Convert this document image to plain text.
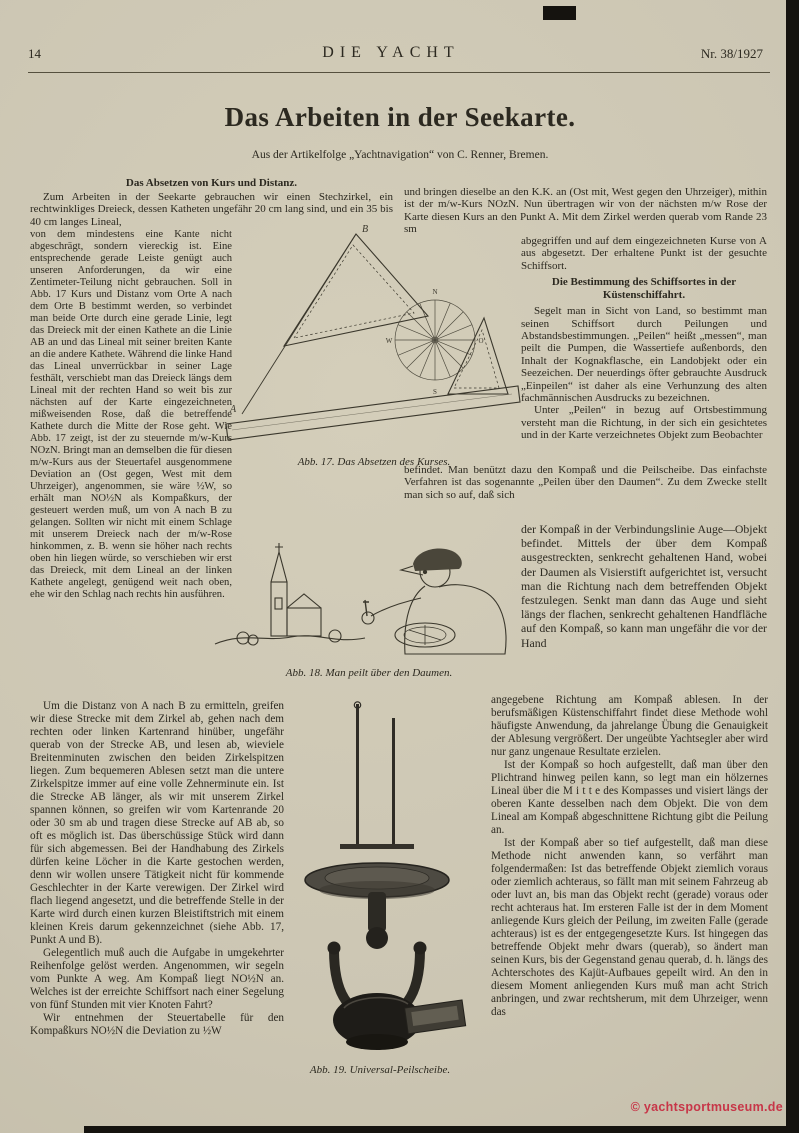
14	DIE YACHT	Nr. 38/1927
Das Arbeiten in der Seekarte.
Aus der Artikelfolge „Yachtnavigation“ von C. Renner, Bremen.
Das Absetzen von Kurs und Distanz.

Zum Arbeiten in der Seekarte gebrauchen wir einen Stechzirkel, ein rechtwinkliges Dreieck, dessen Katheten ungefähr 20 cm lang sind, und ein 35 bis 40 cm langes Lineal,

von dem mindestens eine Kante nicht abgeschrägt, sondern viereckig ist. Eine entsprechende gerade Leiste genügt auch unseren Anforderungen, da wir eine Zentimeter-Teilung nicht gebrauchen. Soll in Abb. 17 Kurs und Distanz vom Orte A nach dem Orte B bestimmt werden, so verbindet man beide Orte durch eine gerade Linie, legt das Dreieck mit der einen Kathete an die Linie AB an und das Lineal mit seiner breiten Kante an die andere Kathete. Während die linke Hand das Lineal unverrückbar in seiner Lage festhält, verschiebt man das Dreieck längs dem Lineal mit der rechten Hand so weit bis zur nächsten auf der Karte eingezeichneten mißweisenden Rose, daß die betreffende Kathete durch die Mitte der Rose geht. Wie Abb. 17 zeigt, ist der zu steuernde m/w-Kurs NOzN. Bringt man an demselben die für diesen m/w-Kurs aus der Steuertafel ausgenommene Deviation an (Ost gegen, West mit dem Uhrzeiger), angenommen, sie wäre ½W, so erhält man NO½N als Kompaßkurs, der gesteuert werden muß, um von A nach B zu gelangen. Sollten wir nicht mit einem Schlage mit unserem Dreieck nach der m/w-Rose hinkommen, z. B. wenn sie höher nach rechts oben hin liegen würde, so verschieben wir erst das Dreieck, mit dem Lineal an der linken Kathete angelegt, genügend weit nach oben, ehe wir den Schlag nach rechts hin ausführen.

Um die Distanz von A nach B zu ermitteln, greifen wir diese Strecke mit dem Zirkel ab, gehen nach dem rechten oder linken Kartenrand hinüber, ungefähr querab von der Strecke AB, und lesen ab, wieviele Breitenminuten zwischen den beiden Zirkelspitzen liegen. Zum bequemeren Ablesen setzt man die untere Zirkelspitze immer auf eine volle Zehnerminute ein. Ist die Strecke AB länger, als wir mit unserem Zirkel spannen können, so greifen wir vom Kartenrande 20 oder 30 sm ab und tragen diese Strecke auf AB ab, so oft es möglich ist. Das überschüssige Stück wird dann für sich abgemessen. Bei der Handhabung des Zirkels dürfen keine Löcher in die Karte gestochen werden, denn wir wollen unsere Tätigkeit nicht für kommende Geschlechter in der Karte verewigen. Der Zirkel wird flach liegend angesetzt, und die betreffende Stelle in der Karte wird durch einen kurzen Bleistiftstrich mit einem kleinen Kreis darum gekennzeichnet (siehe Abb. 17, Punkt A und B).

Gelegentlich muß auch die Aufgabe in umgekehrter Reihenfolge gelöst werden. Angenommen, wir segeln vom Punkte A weg. Am Kompaß liegt NO½N an. Welches ist der erreichte Schiffsort nach einer Segelung von fünf Stunden mit vier Knoten Fahrt?

Wir entnehmen der Steuertabelle für den Kompaßkurs NO½N die Deviation zu ½W

und bringen dieselbe an den K.K. an (Ost mit, West gegen den Uhrzeiger), mithin ist der m/w-Kurs NOzN. Nun übertragen wir von der nächsten m/w Rose der Karte diesen Kurs an den Punkt A. Mit dem Zirkel werden querab vom Rande 23 sm

abgegriffen und auf dem eingezeichneten Kurse von A aus abgesetzt. Der erhaltene Punkt ist der gesuchte Schiffsort.

Die Bestimmung des Schiffsortes in der Küstenschiffahrt.

Segelt man in Sicht von Land, so bestimmt man seinen Schiffsort durch Peilungen und Abstandsbestimmungen. „Peilen“ heißt „messen“, man peilt die Pumpen, die Wassertiefe außenbords, den Inhalt der Kognakflasche, ein Landobjekt oder ein Seezeichen. Der neuerdings öfter gebrauchte Ausdruck „Einpeilen“ ist daher als eine Verhunzung des alten fachmännischen Ausdrucks zu bezeichnen.

Unter „Peilen“ in bezug auf Ortsbestimmung versteht man die Richtung, in der sich ein gesichtetes und in der Karte verzeichnetes Objekt zum Beobachter

befindet. Man benützt dazu den Kompaß und die Peilscheibe. Das einfachste Verfahren ist das sogenannte „Peilen über den Daumen“. Zu dem Zwecke stellt man sich so auf, daß sich

der Kompaß in der Verbindungslinie Auge—Objekt befindet. Mittels der über dem Kompaß ausgestreckten, senkrecht gehaltenen Hand, wobei der Daumen als Visierstift aufgerichtet ist, versucht man die Richtung nach dem betreffenden Objekt festzulegen. Senkt man dann das Auge und sieht längs der flachen, senkrecht gehaltenen Handfläche auf den Kompaß, so kann man ungefähr die vor der Hand

angegebene Richtung am Kompaß ablesen. In der berufsmäßigen Küstenschiffahrt findet diese Methode wohl häufigste Anwendung, da jahrelange Übung die Genauigkeit der Ablesung vergrößert. Der ungeübte Yachtsegler aber wird nur ganz ungenaue Resultate erzielen.

Ist der Kompaß so hoch aufgestellt, daß man über den Plichtrand hinweg peilen kann, so legt man ein hölzernes Lineal über die M i t t e des Kompasses und visiert längs der oberen Kante desselben nach dem Objekt. Die von dem Lineal am Kompaß abgeschnittene Richtung gibt die Peilung an.

Ist der Kompaß aber so tief aufgestellt, daß man diese Methode nicht anwenden kann, so verfährt man folgendermaßen: Ist das betreffende Objekt ziemlich voraus oder ziemlich achteraus, so fällt man mit seinem Fahrzeug ab oder luvt an, bis man das Objekt recht (gerade) voraus oder recht achteraus hat. Im ersteren Falle ist der in dem Moment anliegende Kurs gleich der Peilung, im zweiten Falle (gerade achteraus) ist es der entgegengesetzte Kurs. Ist hingegen das betreffende Objekt mehr dwars (querab), so ändert man seinen Kurs, bis der Gegenstand genau querab, d. h. längs des Achterschotes des Kajüt-Aufbaues gepeilt wird. An den in diesem Moment anliegenden Kurs muß man acht Strich anbringen, und zwar rechtsherum, mit dem Uhrzeiger, wenn das

B
A
N
O
S
W
Abb. 17. Das Absetzen des Kurses.
Abb. 18. Man peilt über den Daumen.
Abb. 19. Universal-Peilscheibe.
© yachtsportmuseum.de
